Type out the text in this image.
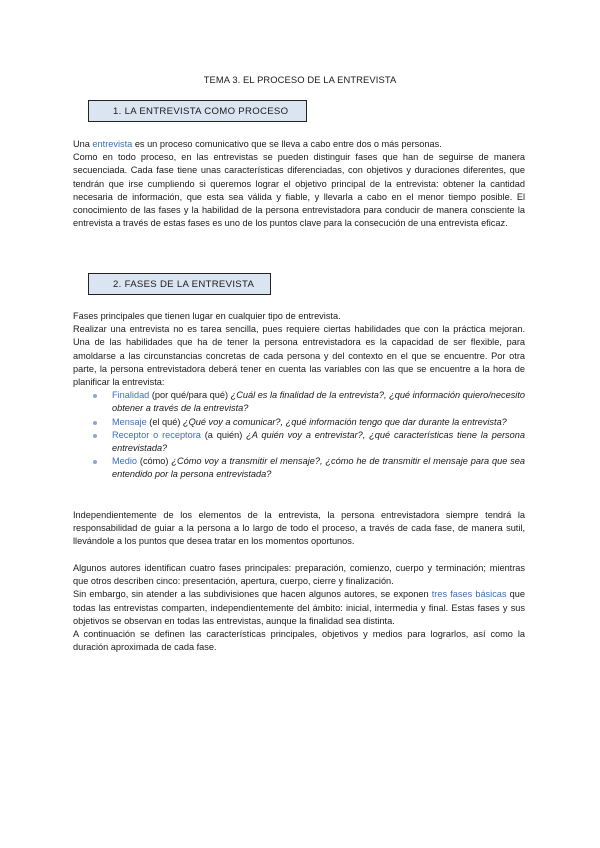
TEMA 3. EL PROCESO DE LA ENTREVISTA
1. LA ENTREVISTA COMO PROCESO

Una entrevista es un proceso comunicativo que se lleva a cabo entre dos o más personas.

Como en todo proceso, en las entrevistas se pueden distinguir fases que han de seguirse de manera secuenciada. Cada fase tiene unas características diferenciadas, con objetivos y duraciones diferentes, que tendrán que irse cumpliendo si queremos lograr el objetivo principal de la entrevista: obtener la cantidad necesaria de información, que esta sea válida y fiable, y llevarla a cabo en el menor tiempo posible. El conocimiento de las fases y la habilidad de la persona entrevistadora para conducir de manera consciente la entrevista a través de estas fases es uno de los puntos clave para la consecución de una entrevista eficaz.

2. FASES DE LA ENTREVISTA

Fases principales que tienen lugar en cualquier tipo de entrevista.

Realizar una entrevista no es tarea sencilla, pues requiere ciertas habilidades que con la práctica mejoran. Una de las habilidades que ha de tener la persona entrevistadora es la capacidad de ser flexible, para amoldarse a las circunstancias concretas de cada persona y del contexto en el que se encuentre. Por otra parte, la persona entrevistadora deberá tener en cuenta las variables con las que se encuentre a la hora de planificar la entrevista:

Finalidad (por qué/para qué) ¿Cuál es la finalidad de la entrevista?, ¿qué información quiero/necesito obtener a través de la entrevista?
Mensaje (el qué) ¿Qué voy a comunicar?, ¿qué información tengo que dar durante la entrevista?
Receptor o receptora (a quién) ¿A quién voy a entrevistar?, ¿qué características tiene la persona entrevistada?
Medio (cómo) ¿Cómo voy a transmitir el mensaje?, ¿cómo he de transmitir el mensaje para que sea entendido por la persona entrevistada?

Independientemente de los elementos de la entrevista, la persona entrevistadora siempre tendrá la responsabilidad de guiar a la persona a lo largo de todo el proceso, a través de cada fase, de manera sutil, llevándole a los puntos que desea tratar en los momentos oportunos.

Algunos autores identifican cuatro fases principales: preparación, comienzo, cuerpo y terminación; mientras que otros describen cinco: presentación, apertura, cuerpo, cierre y finalización.

Sin embargo, sin atender a las subdivisiones que hacen algunos autores, se exponen tres fases básicas que todas las entrevistas comparten, independientemente del ámbito: inicial, intermedia y final. Estas fases y sus objetivos se observan en todas las entrevistas, aunque la finalidad sea distinta.

A continuación se definen las características principales, objetivos y medios para lograrlos, así como la duración aproximada de cada fase.
